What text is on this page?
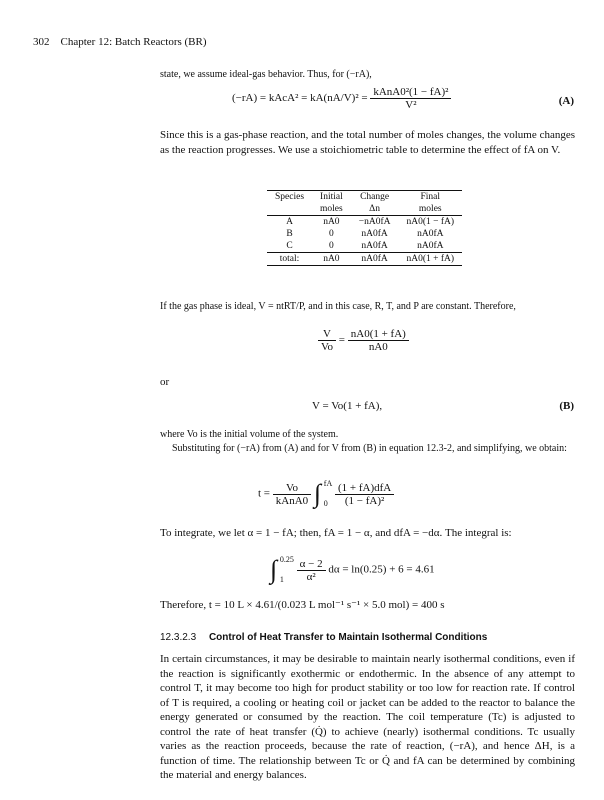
302 Chapter 12: Batch Reactors (BR)
state, we assume ideal-gas behavior. Thus, for (−rA),
(−rA) = kAcA² = $kA(nA/V)^2 = \frac{\text{kAnA0²(1 − fA)²}}{\text{V²}}$	(A)
Since this is a gas-phase reaction, and the total number of moles changes, the volume changes as the reaction progresses. We use a stoichiometric table to determine the effect of fA on V.
Species	Initial	Change	Final
	moles	Δn	moles
A	nA0	−nA0fA	nA0(1 − fA)
B	0	nA0fA	nA0fA
C	0	nA0fA	nA0fA
total:	nA0	nA0fA	nA0(1 + fA)
If the gas phase is ideal, V = ntRT/P, and in this case, R, T, and P are constant. Therefore,
$\frac{V}{Vo} = \frac{nA0(1 + fA)}{nA0}$
or
V = Vo(1 + fA),	(B)
where Vo is the initial volume of the system.
Substituting for (−rA) from (A) and for V from (B) in equation 12.3-2, and simplifying, we obtain:
$t = \frac{Vo}{\text{kAnA0}}$ ∫ fA
0
$\frac{\text{(1 + fA)dfA}}{\text{(1 − fA)²}}$
To integrate, we let α = 1 − fA; then, fA = 1 − α, and dfA = −dα. The integral is:
∫ 0.25
1
	$\frac{\alpha - 2}{\text{α²}}$ dα = ln(0.25) + 6 = 4.61
Therefore, t = 10 L × 4.61/(0.023 L mol⁻¹ s⁻¹ × 5.0 mol) = 400 s
12.3.2.3 Control of Heat Transfer to Maintain Isothermal Conditions
In certain circumstances, it may be desirable to maintain nearly isothermal conditions, even if the reaction is significantly exothermic or endothermic. In the absence of any attempt to control T, it may become too high for product stability or too low for reaction rate. If control of T is required, a cooling or heating coil or jacket can be added to the reactor to balance the energy generated or consumed by the reaction. The coil temperature (Tc) is adjusted to control the rate of heat transfer (Q̇) to achieve (nearly) isothermal conditions. Tc usually varies as the reaction proceeds, because the rate of reaction, (−rA), and hence ΔH, is a function of time. The relationship between Tc or Q̇ and fA can be determined by combining the material and energy balances.
